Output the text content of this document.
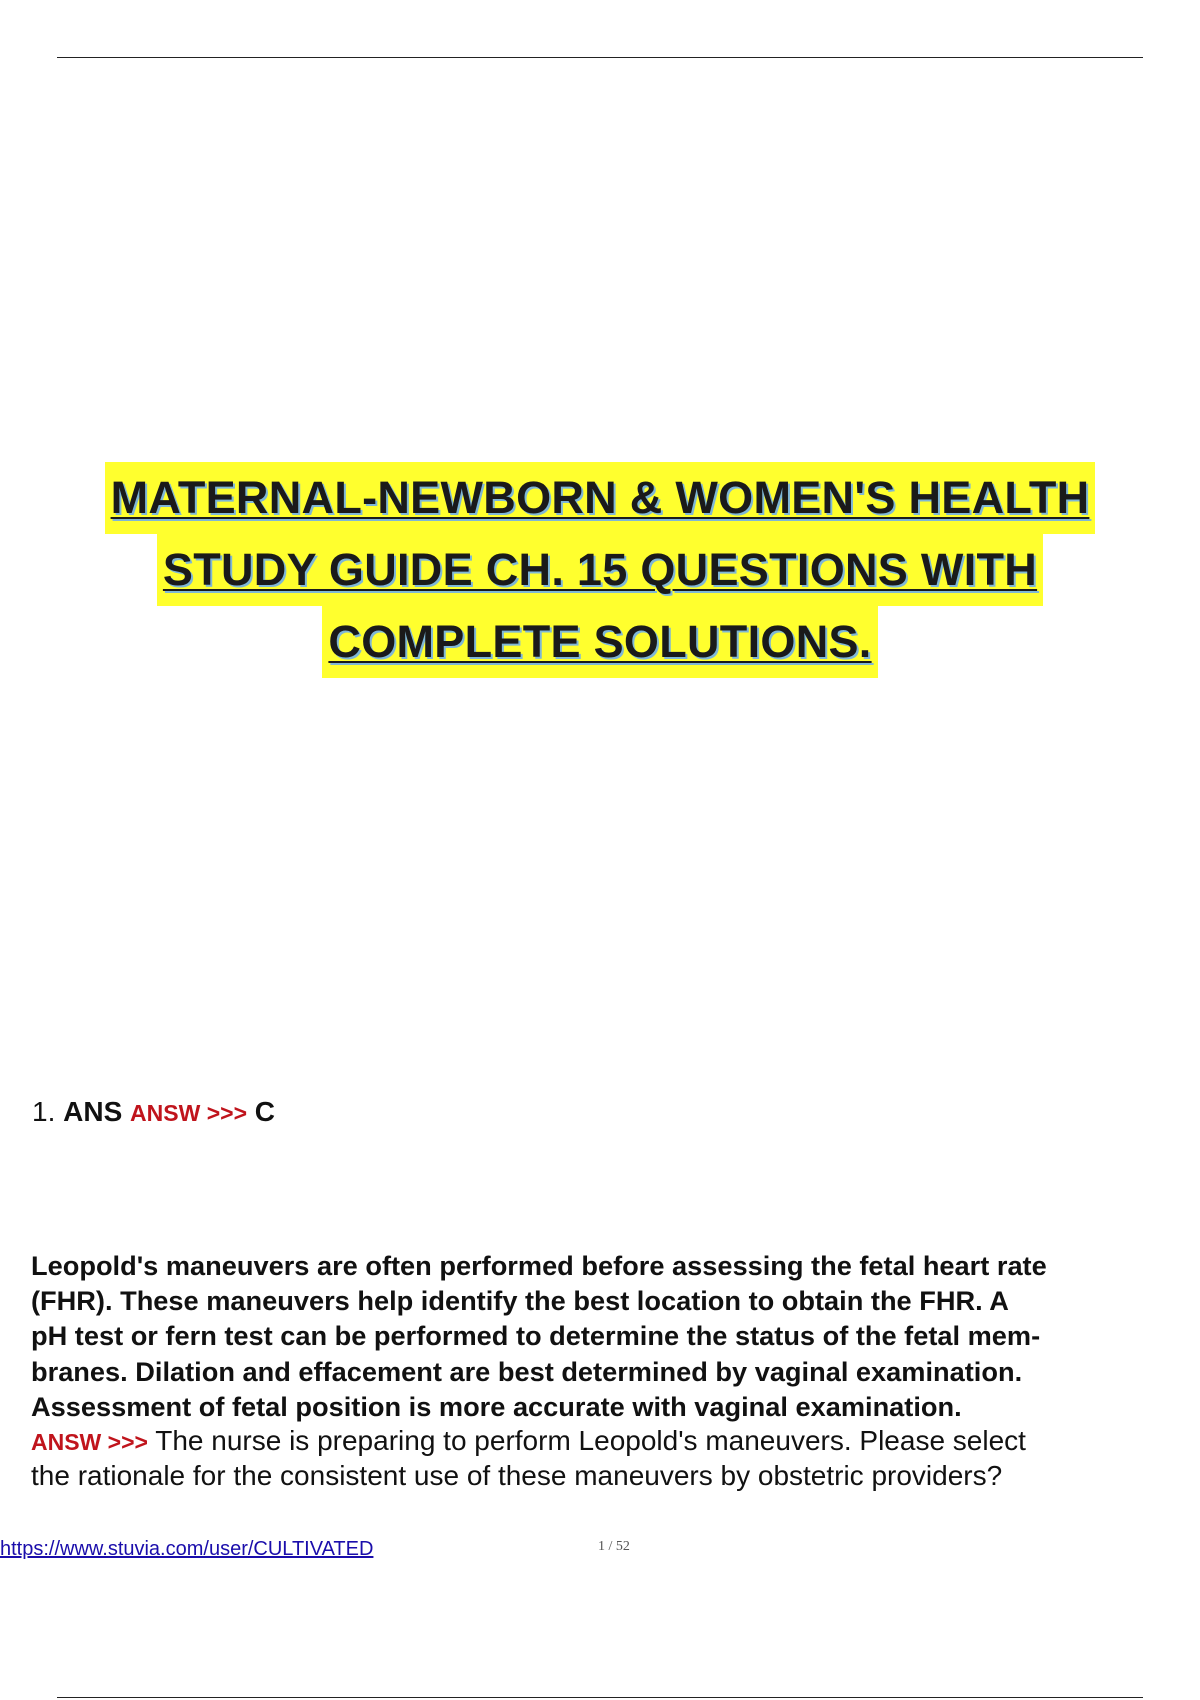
MATERNAL-NEWBORN & WOMEN'S HEALTH
STUDY GUIDE CH. 15 QUESTIONS WITH
COMPLETE SOLUTIONS.
1. ANS ANSW >>> C
Leopold's maneuvers are often performed before assessing the fetal heart rate
(FHR). These maneuvers help identify the best location to obtain the FHR. A
pH test or fern test can be performed to determine the status of the fetal mem-
branes. Dilation and effacement are best determined by vaginal examination.
Assessment of fetal position is more accurate with vaginal examination.
ANSW >>> The nurse is preparing to perform Leopold's maneuvers. Please select
the rationale for the consistent use of these maneuvers by obstetric providers?
https://www.stuvia.com/user/CULTIVATED	1 / 52
